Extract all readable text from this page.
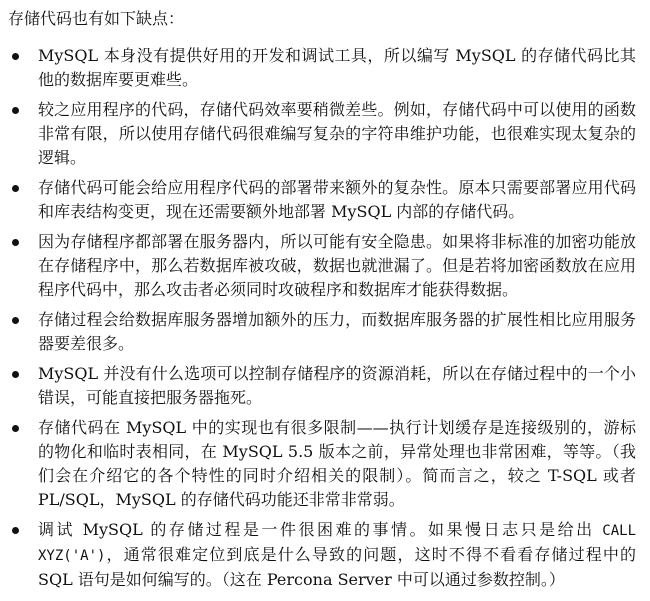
存储代码也有如下缺点：
MySQL 本身没有提供好用的开发和调试工具，所以编写 MySQL 的存储代码比其他的数据库要更难些。
较之应用程序的代码，存储代码效率要稍微差些。例如，存储代码中可以使用的函数非常有限，所以使用存储代码很难编写复杂的字符串维护功能，也很难实现太复杂的逻辑。
存储代码可能会给应用程序代码的部署带来额外的复杂性。原本只需要部署应用代码和库表结构变更，现在还需要额外地部署 MySQL 内部的存储代码。
因为存储程序都部署在服务器内，所以可能有安全隐患。如果将非标准的加密功能放在存储程序中，那么若数据库被攻破，数据也就泄漏了。但是若将加密函数放在应用程序代码中，那么攻击者必须同时攻破程序和数据库才能获得数据。
存储过程会给数据库服务器增加额外的压力，而数据库服务器的扩展性相比应用服务器要差很多。
MySQL 并没有什么选项可以控制存储程序的资源消耗，所以在存储过程中的一个小错误，可能直接把服务器拖死。
存储代码在 MySQL 中的实现也有很多限制——执行计划缓存是连接级别的，游标的物化和临时表相同，在 MySQL 5.5 版本之前，异常处理也非常困难，等等。（我们会在介绍它的各个特性的同时介绍相关的限制）。简而言之，较之 T-SQL 或者 PL/SQL，MySQL 的存储代码功能还非常非常弱。
调试 MySQL 的存储过程是一件很困难的事情。如果慢日志只是给出 CALL XYZ('A')，通常很难定位到底是什么导致的问题，这时不得不看看存储过程中的 SQL 语句是如何编写的。（这在 Percona Server 中可以通过参数控制。）
